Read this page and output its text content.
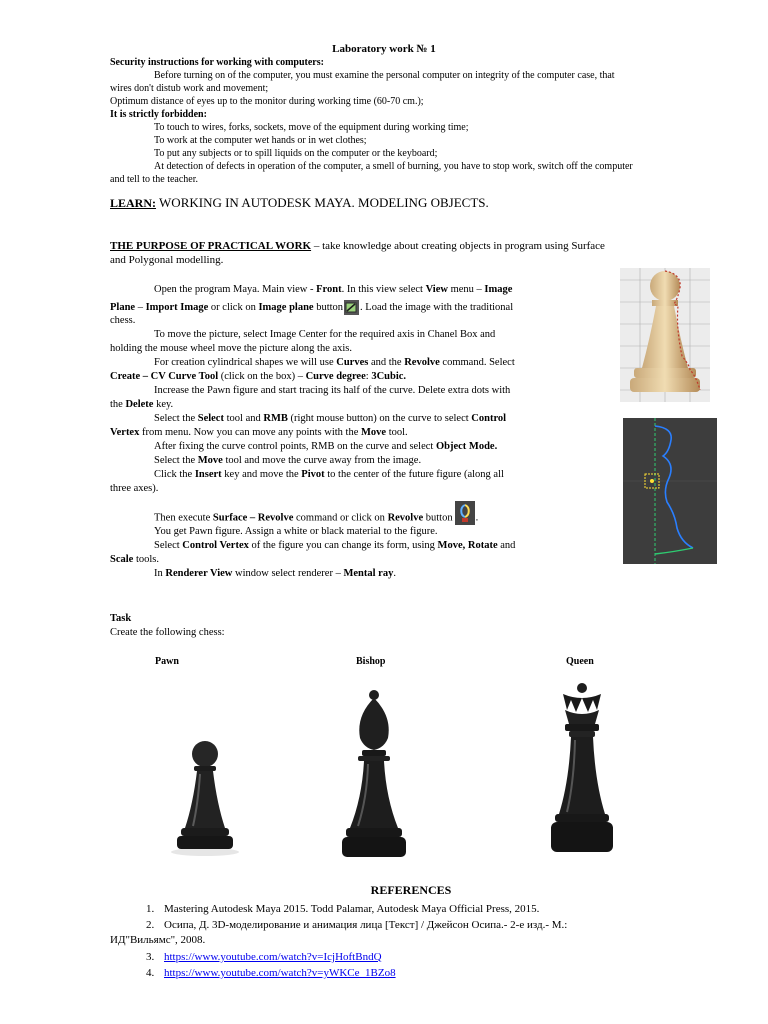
Laboratory work № 1
Security instructions for working with computers:
Before turning on of the computer, you must examine the personal computer on integrity of the computer case, that
wires don't distub work and movement;
Optimum distance of eyes up to the monitor during working time (60-70 cm.);
It is strictly forbidden:
To touch to wires, forks, sockets, move of the equipment during working time;
To work at the computer wet hands or in wet clothes;
To put any subjects or to spill liquids on the computer or the keyboard;
At detection of defects in operation of the computer, a smell of burning, you have to stop work, switch off the computer
and tell to the teacher.
LEARN: WORKING IN AUTODESK MAYA. MODELING OBJECTS.
THE PURPOSE OF PRACTICAL WORK – take knowledge about creating objects in program using Surface
and Polygonal modelling.
Open the program Maya. Main view - Front. In this view select View menu – Image
Plane – Import Image or click on Image plane button . Load the image with the traditional
chess.
To move the picture, select Image Center for the required axis in Chanel Box and
holding the mouse wheel move the picture along the axis.
For creation cylindrical shapes we will use Curves and the Revolve command. Select
Create – CV Curve Tool (click on the box) – Curve degree: 3Cubic.
Increase the Pawn figure and start tracing its half of the curve. Delete extra dots with
the Delete key.
Select the Select tool and RMB (right mouse button) on the curve to select Control
Vertex from menu. Now you can move any points with the Move tool.
After fixing the curve control points, RMB on the curve and select Object Mode.
Select the Move tool and move the curve away from the image.
Click the Insert key and move the Pivot to the center of the future figure (along all
three axes).
Then execute Surface – Revolve command or click on Revolve button .
You get Pawn figure. Assign a white or black material to the figure.
Select Control Vertex of the figure you can change its form, using Move, Rotate and
Scale tools.
In Renderer View window select renderer – Mental ray.
Task
Create the following chess:
Pawn	Bishop	Queen
REFERENCES
1. Mastering Autodesk Maya 2015. Todd Palamar, Autodesk Maya Official Press, 2015.
2. Осипа, Д. 3D-моделирование и анимация лица [Текст] / Джейсон Осипа.- 2-е изд.- М.:
ИД"Вильямс", 2008.
3. https://www.youtube.com/watch?v=IcjHoftBndQ
4. https://www.youtube.com/watch?v=yWKCe_1BZo8
